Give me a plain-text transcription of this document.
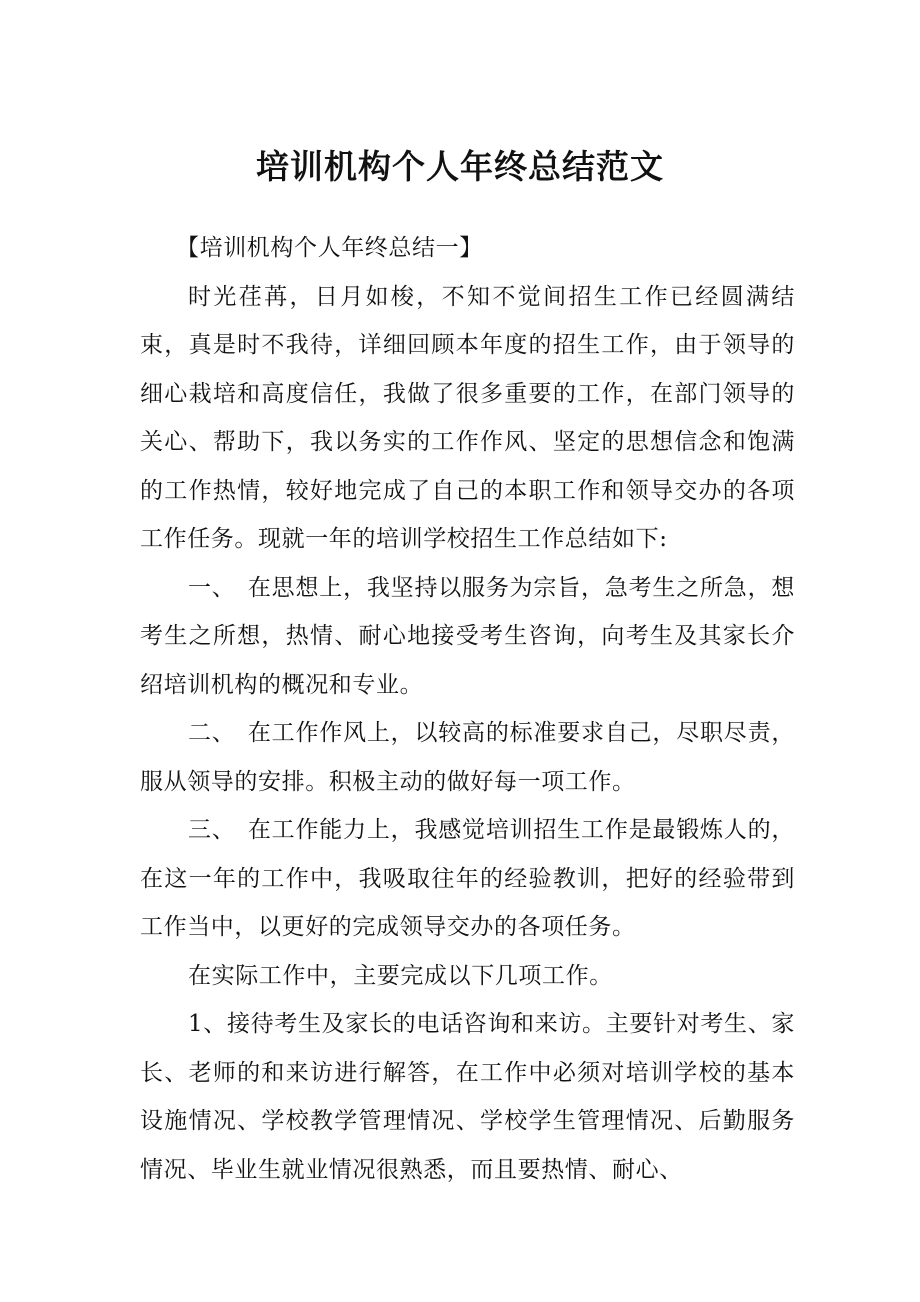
培训机构个人年终总结范文

【培训机构个人年终总结一】

时光荏苒，日月如梭，不知不觉间招生工作已经圆满结束，真是时不我待，详细回顾本年度的招生工作，由于领导的细心栽培和高度信任，我做了很多重要的工作，在部门领导的关心、帮助下，我以务实的工作作风、坚定的思想信念和饱满的工作热情，较好地完成了自己的本职工作和领导交办的各项工作任务。现就一年的培训学校招生工作总结如下:

一、　在思想上，我坚持以服务为宗旨，急考生之所急，想考生之所想，热情、耐心地接受考生咨询，向考生及其家长介绍培训机构的概况和专业。

二、　在工作作风上，以较高的标准要求自己，尽职尽责，服从领导的安排。积极主动的做好每一项工作。

三、　在工作能力上，我感觉培训招生工作是最锻炼人的，在这一年的工作中，我吸取往年的经验教训，把好的经验带到工作当中，以更好的完成领导交办的各项任务。

在实际工作中，主要完成以下几项工作。

1、接待考生及家长的电话咨询和来访。主要针对考生、家长、老师的和来访进行解答，在工作中必须对培训学校的基本设施情况、学校教学管理情况、学校学生管理情况、后勤服务情况、毕业生就业情况很熟悉，而且要热情、耐心、
